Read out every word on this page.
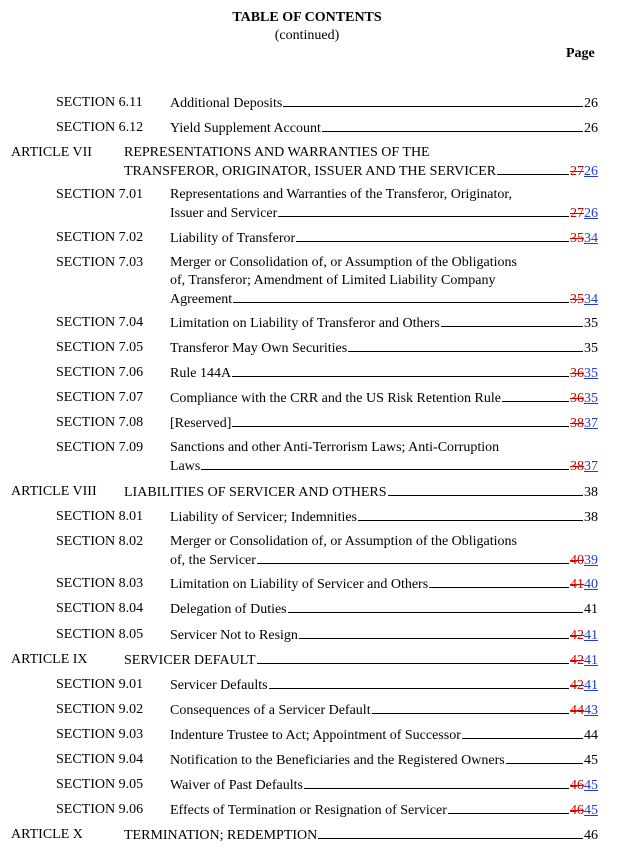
TABLE OF CONTENTS
(continued)
Page
SECTION 6.11 Additional Deposits	26
SECTION 6.12 Yield Supplement Account	26
ARTICLE VII REPRESENTATIONS AND WARRANTIES OF THE
TRANSFEROR, ORIGINATOR, ISSUER AND THE SERVICER	2726
SECTION 7.01 Representations and Warranties of the Transferor, Originator,
Issuer and Servicer	2726
SECTION 7.02 Liability of Transferor	3534
SECTION 7.03 Merger or Consolidation of, or Assumption of the Obligations
of, Transferor; Amendment of Limited Liability Company
Agreement	3534
SECTION 7.04 Limitation on Liability of Transferor and Others	35
SECTION 7.05 Transferor May Own Securities	35
SECTION 7.06 Rule 144A	3635
SECTION 7.07 Compliance with the CRR and the US Risk Retention Rule	3635
SECTION 7.08 [Reserved]	3837
SECTION 7.09 Sanctions and other Anti-Terrorism Laws; Anti-Corruption
Laws	3837
ARTICLE VIII LIABILITIES OF SERVICER AND OTHERS	38
SECTION 8.01 Liability of Servicer; Indemnities	38
SECTION 8.02 Merger or Consolidation of, or Assumption of the Obligations
of, the Servicer	4039
SECTION 8.03 Limitation on Liability of Servicer and Others	4140
SECTION 8.04 Delegation of Duties	41
SECTION 8.05 Servicer Not to Resign	4241
ARTICLE IX	SERVICER DEFAULT	4241
SECTION 9.01 Servicer Defaults	4241
SECTION 9.02 Consequences of a Servicer Default	4443
SECTION 9.03 Indenture Trustee to Act; Appointment of Successor	44
SECTION 9.04 Notification to the Beneficiaries and the Registered Owners	45
SECTION 9.05 Waiver of Past Defaults	4645
SECTION 9.06 Effects of Termination or Resignation of Servicer	4645
ARTICLE X	TERMINATION; REDEMPTION	46
